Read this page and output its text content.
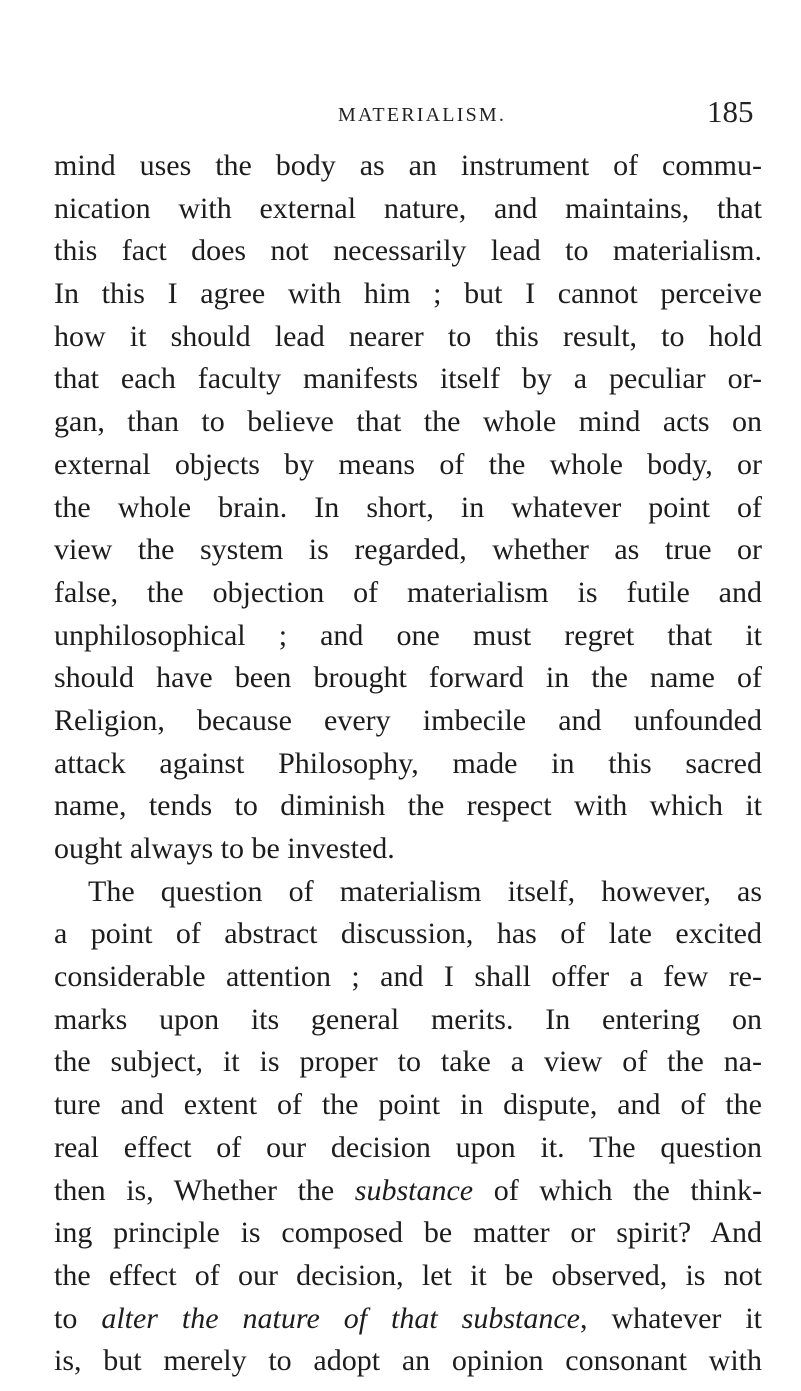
MATERIALISM.	185
mind uses the body as an instrument of commu-
nication with external nature, and maintains, that
this fact does not necessarily lead to materialism.
In this I agree with him ; but I cannot perceive
how it should lead nearer to this result, to hold
that each faculty manifests itself by a peculiar or-
gan, than to believe that the whole mind acts on
external objects by means of the whole body, or
the whole brain. In short, in whatever point of
view the system is regarded, whether as true or
false, the objection of materialism is futile and
unphilosophical ; and one must regret that it
should have been brought forward in the name of
Religion, because every imbecile and unfounded
attack against Philosophy, made in this sacred
name, tends to diminish the respect with which it
ought always to be invested.
The question of materialism itself, however, as
a point of abstract discussion, has of late excited
considerable attention ; and I shall offer a few re-
marks upon its general merits. In entering on
the subject, it is proper to take a view of the na-
ture and extent of the point in dispute, and of the
real effect of our decision upon it. The question
then is, Whether the substance of which the think-
ing principle is composed be matter or spirit? And
the effect of our decision, let it be observed, is not
to alter the nature of that substance, whatever it
is, but merely to adopt an opinion consonant with
